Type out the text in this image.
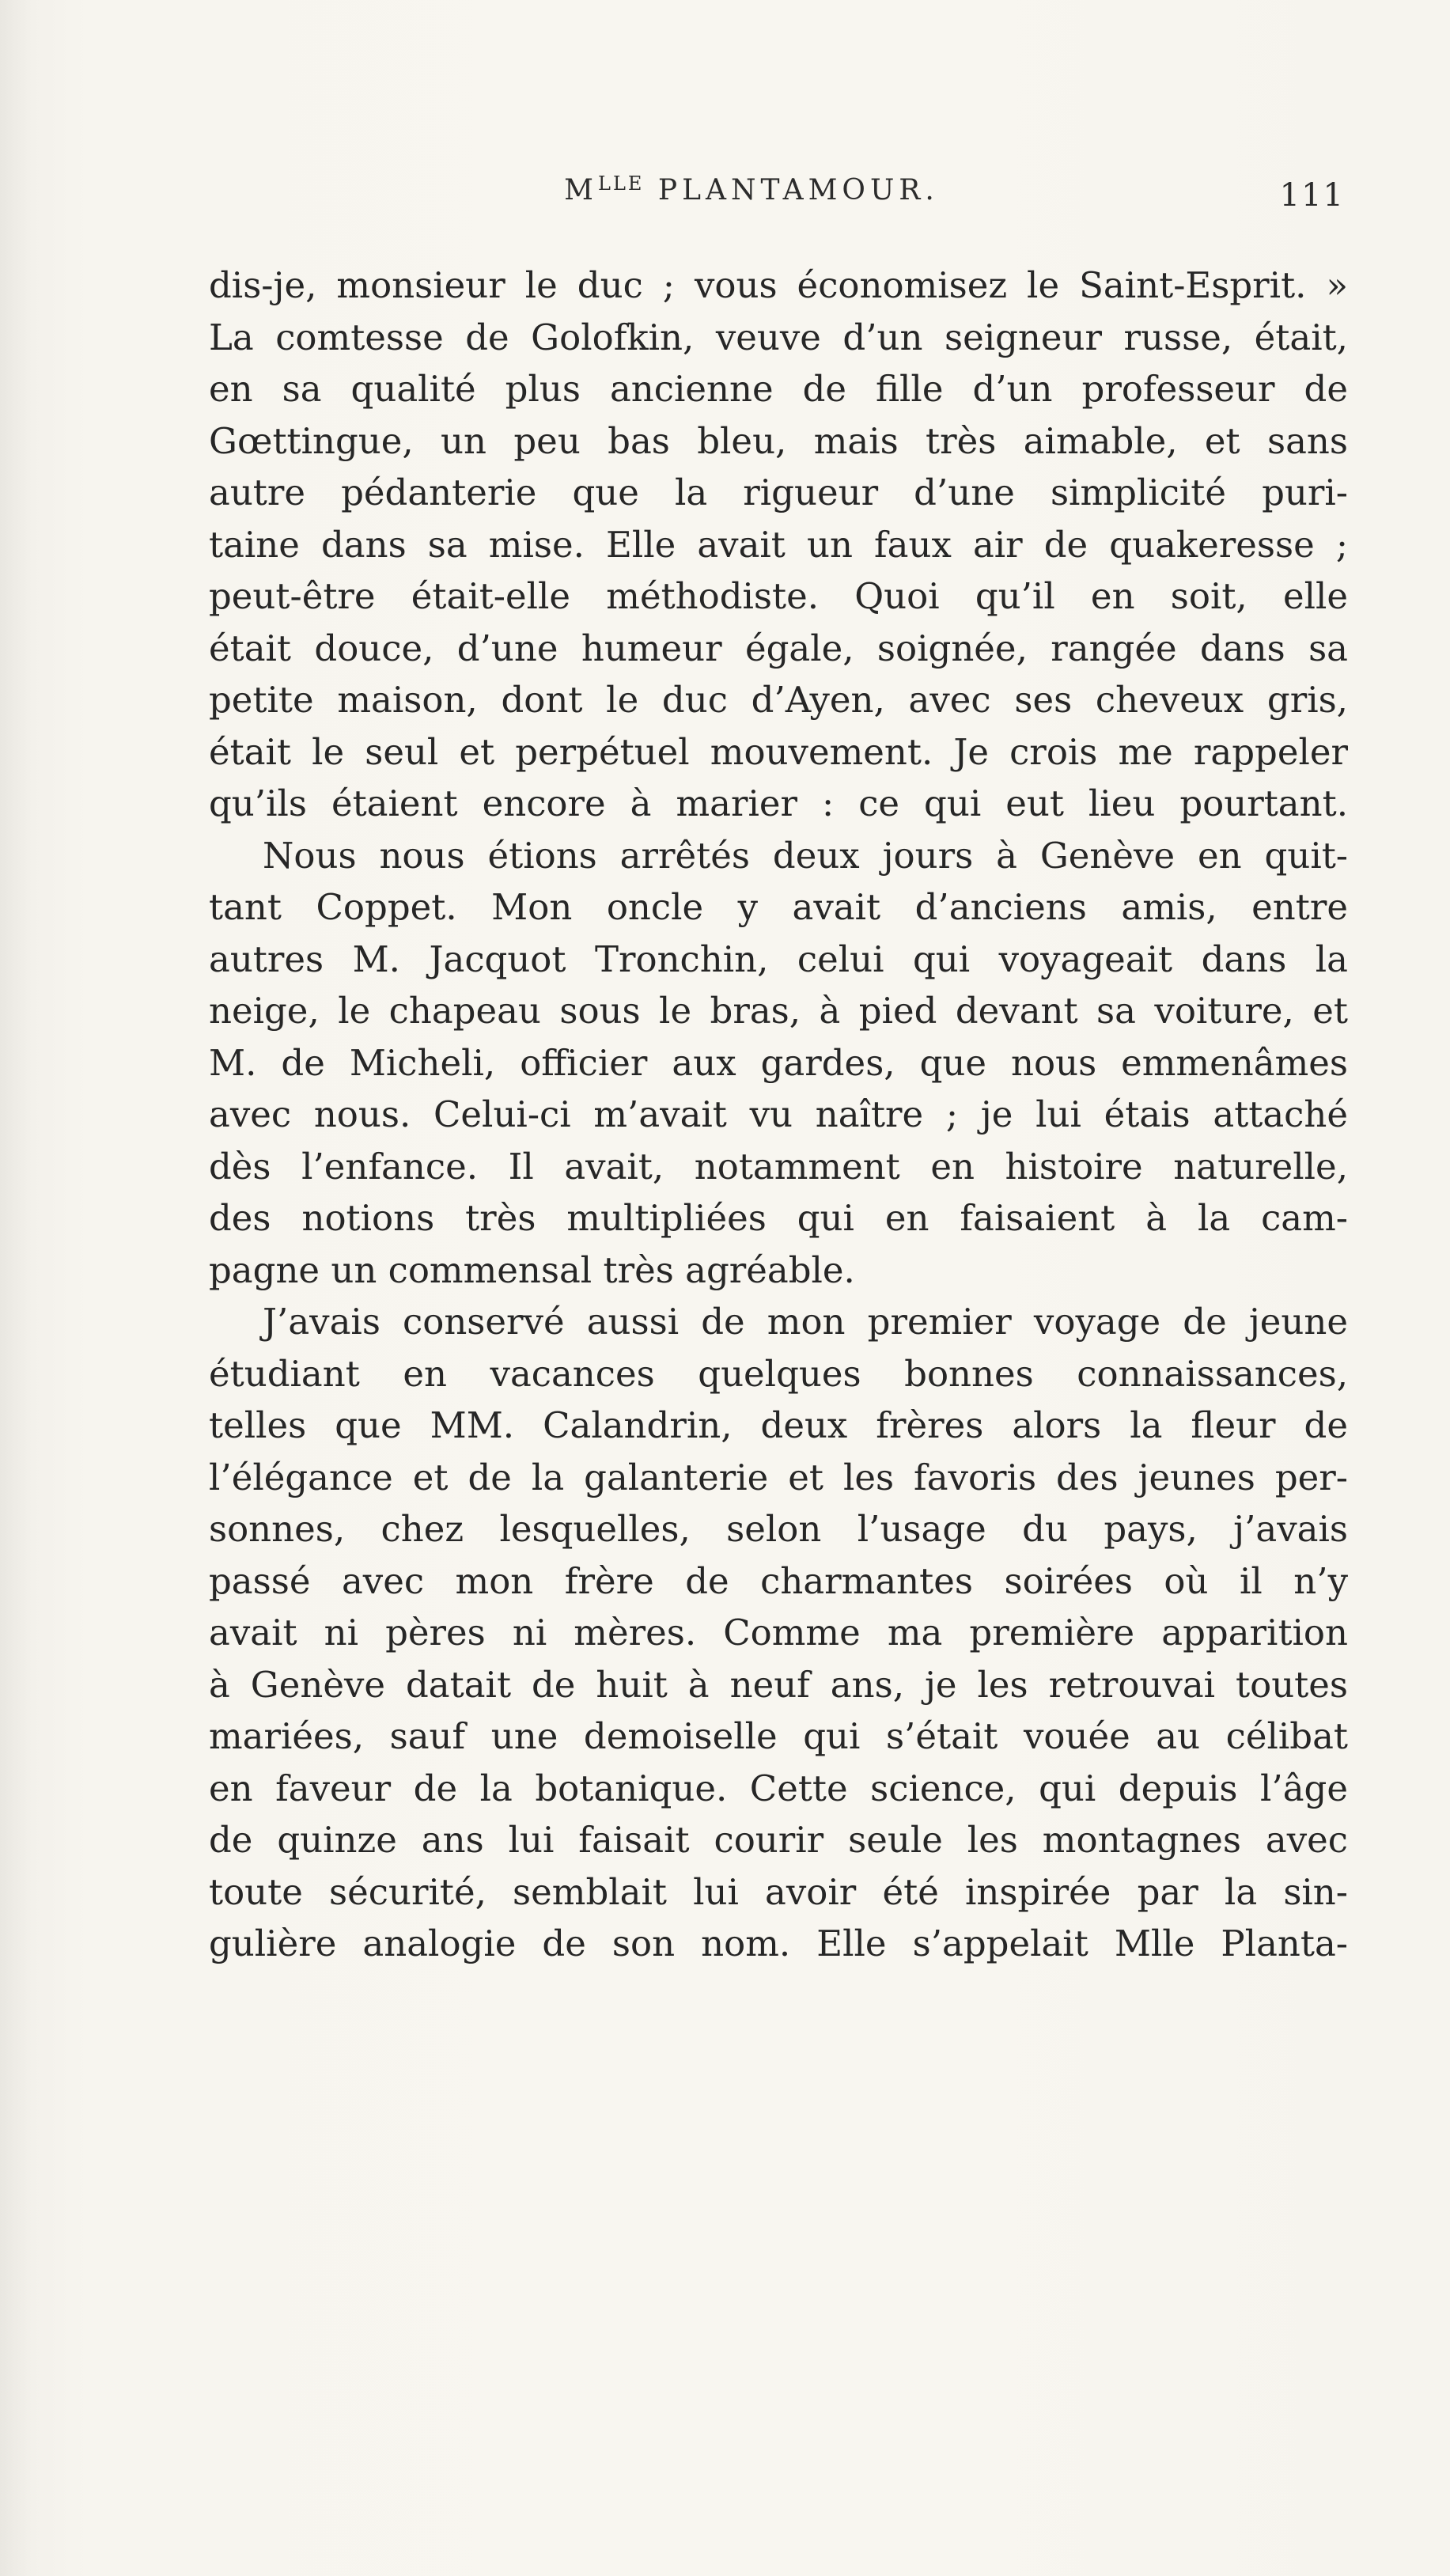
$M^{LLE}$ PLANTAMOUR.	111
dis-je, monsieur le duc ; vous économisez le Saint-Esprit. »
La comtesse de Golofkin, veuve d’un seigneur russe, était,
en sa qualité plus ancienne de fille d’un professeur de
Gœttingue, un peu bas bleu, mais très aimable, et sans
autre pédanterie que la rigueur d’une simplicité puri-
taine dans sa mise. Elle avait un faux air de quakeresse ;
peut-être était-elle méthodiste. Quoi qu’il en soit, elle
était douce, d’une humeur égale, soignée, rangée dans sa
petite maison, dont le duc d’Ayen, avec ses cheveux gris,
était le seul et perpétuel mouvement. Je crois me rappeler
qu’ils étaient encore à marier : ce qui eut lieu pourtant.
Nous nous étions arrêtés deux jours à Genève en quit-
tant Coppet. Mon oncle y avait d’anciens amis, entre
autres M. Jacquot Tronchin, celui qui voyageait dans la
neige, le chapeau sous le bras, à pied devant sa voiture, et
M. de Micheli, officier aux gardes, que nous emmenâmes
avec nous. Celui-ci m’avait vu naître ; je lui étais attaché
dès l’enfance. Il avait, notamment en histoire naturelle,
des notions très multipliées qui en faisaient à la cam-
pagne un commensal très agréable.
J’avais conservé aussi de mon premier voyage de jeune
étudiant en vacances quelques bonnes connaissances,
telles que MM. Calandrin, deux frères alors la fleur de
l’élégance et de la galanterie et les favoris des jeunes per-
sonnes, chez lesquelles, selon l’usage du pays, j’avais
passé avec mon frère de charmantes soirées où il n’y
avait ni pères ni mères. Comme ma première apparition
à Genève datait de huit à neuf ans, je les retrouvai toutes
mariées, sauf une demoiselle qui s’était vouée au célibat
en faveur de la botanique. Cette science, qui depuis l’âge
de quinze ans lui faisait courir seule les montagnes avec
toute sécurité, semblait lui avoir été inspirée par la sin-
gulière analogie de son nom. Elle s’appelait Mlle Planta-
